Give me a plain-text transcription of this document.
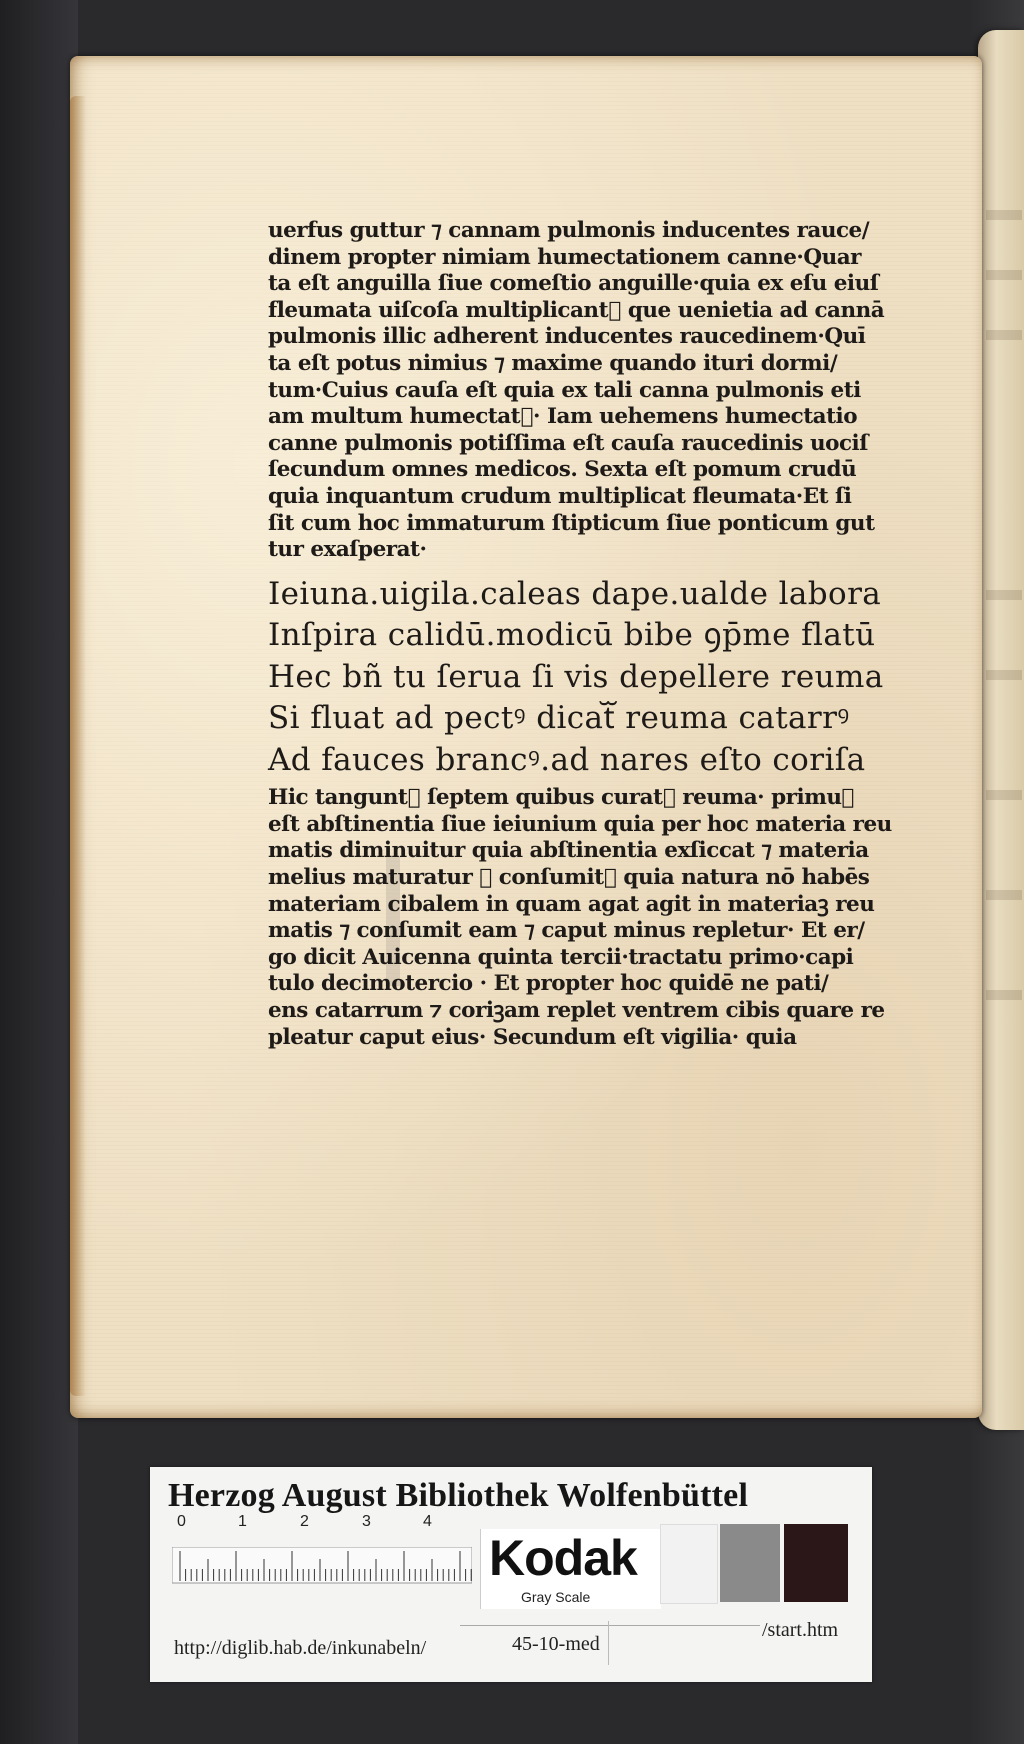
uerfus guttur ⁊ cannam pulmonis inducentes rauce/
dinem propter nimiam humectationem canne·Quar
ta eſt anguilla ſiue comeſtio anguille·quia ex eſu eiuſ
fleumata uiſcoſa multiplicantᷓ que uenietia ad cannā
pulmonis illic adherent inducentes raucedinem·Quī
ta eſt potus nimius ⁊ maxime quando ituri dormi/
tum·Cuius cauſa eſt quia ex tali canna pulmonis eti
am multum humectatᷓ· Iam uehemens humectatio
canne pulmonis potiſſima eſt cauſa raucedinis uociſ
ſecundum omnes medicos. Sexta eſt pomum crudū
quia inquantum crudum multiplicat fleumata·Et ſi
ſit cum hoc immaturum ſtipticum ſiue ponticum gut
tur exaſperat·
Ieiuna.uigila.caleas dape.ualde labora
Inſpira calidū.modicū bibe ꝯp̄me flatū
Hec bñ tu ſerua ſi vis depellere reuma
Si fluat ad pectꝰ dicatᷓ reuma catarrꝰ
Ad fauces brancꝰ.ad nares eſto coriſa
Hic tanguntᷓ ſeptem quibus curatᷓ reuma· primuꝫ
eſt abſtinentia ſiue ieiunium quia per hoc materia reu
matis diminuitur quia abſtinentia exſiccat ⁊ materia
melius maturatur ⁊ conſumitᷓ quia natura nō habēs
materiam cibalem in quam agat agit in materiaꝫ reu
matis ⁊ conſumit eam ⁊ caput minus repletur· Et er/
go dicit Auicenna quinta tercii·tractatu primo·capi
tulo decimotercio · Et propter hoc quidē ne pati/
ens catarrum ⁊ coriꝫam replet ventrem cibis quare re
pleatur caput eius· Secundum eſt vigilia· quia
Herzog August Bibliothek Wolfenbüttel
0	1	2	3	4
Kodak
Gray Scale
http://diglib.hab.de/inkunabeln/	45-10-med
/start.htm
